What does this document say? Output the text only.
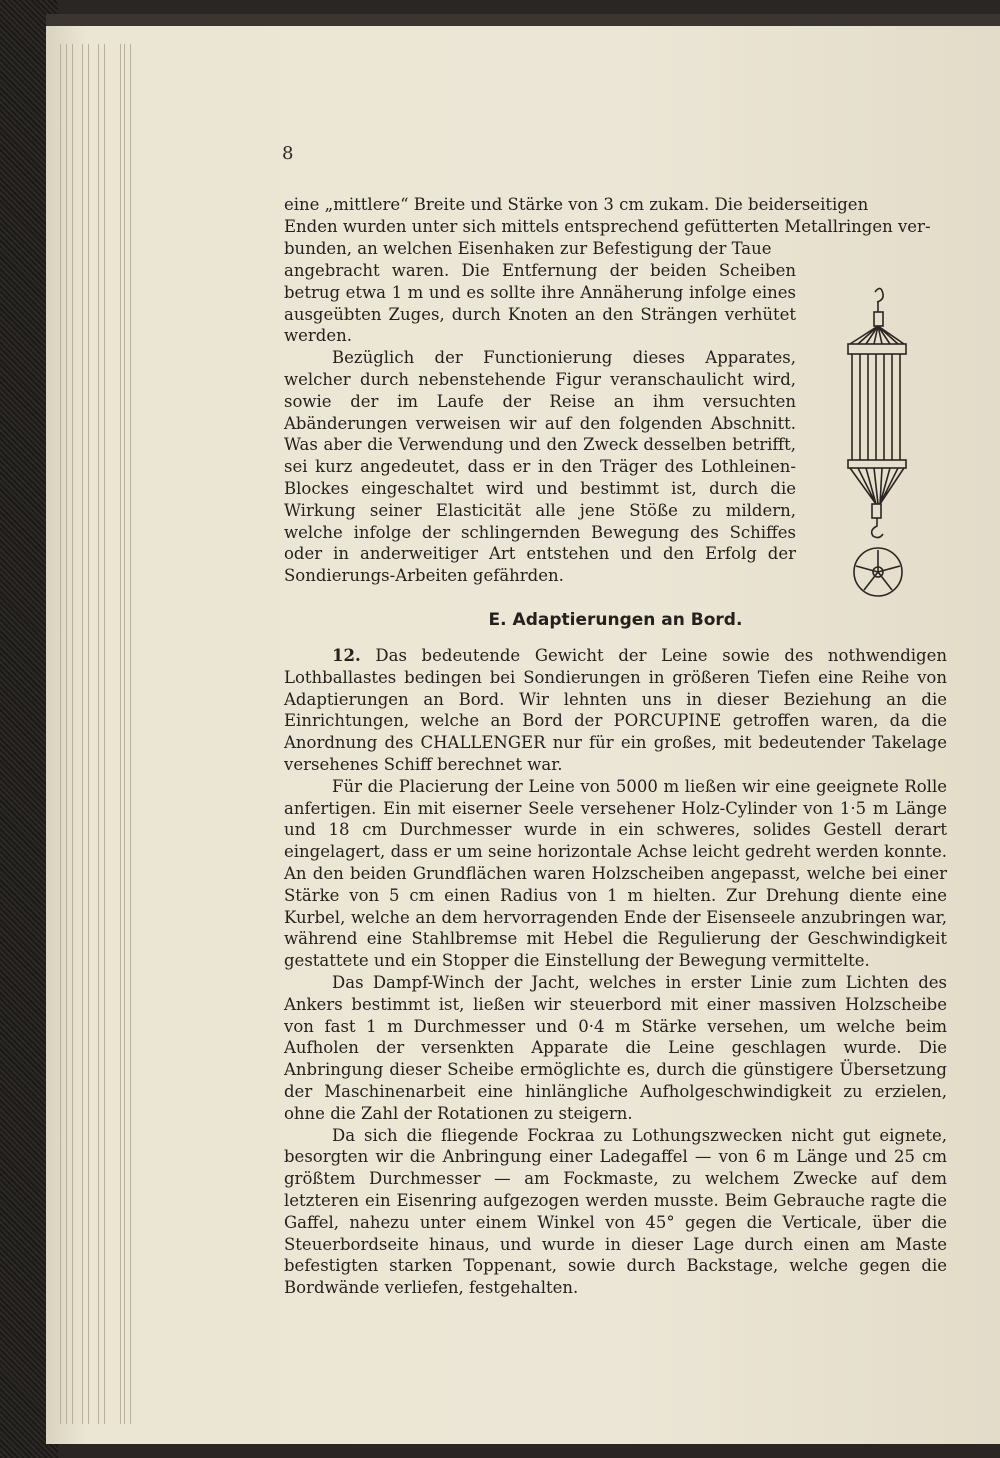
8

eine „mittlere“ Breite und Stärke von 3 cm zukam. Die beiderseitigen

Enden wurden unter sich mittels entsprechend gefütterten Metallringen ver-

bunden, an welchen Eisenhaken zur Befestigung der Taue

angebracht waren. Die Entfernung der beiden Scheiben betrug etwa 1 m und es sollte ihre Annäherung infolge eines ausgeübten Zuges, durch Knoten an den Strängen verhütet werden.

Bezüglich der Functionierung dieses Apparates, welcher durch nebenstehende Figur veranschaulicht wird, sowie der im Laufe der Reise an ihm versuchten Abänderungen verweisen wir auf den folgenden Abschnitt. Was aber die Verwendung und den Zweck desselben betrifft, sei kurz angedeutet, dass er in den Träger des Lothleinen-Blockes eingeschaltet wird und bestimmt ist, durch die Wirkung seiner Elasticität alle jene Stöße zu mildern, welche infolge der schlingernden Bewegung des Schiffes oder in anderweitiger Art entstehen und den Erfolg der Sondierungs-Arbeiten gefährden.

E. Adaptierungen an Bord.

12. Das bedeutende Gewicht der Leine sowie des nothwendigen Lothballastes bedingen bei Sondierungen in größeren Tiefen eine Reihe von Adaptierungen an Bord. Wir lehnten uns in dieser Beziehung an die Einrichtungen, welche an Bord der PORCUPINE getroffen waren, da die Anordnung des CHALLENGER nur für ein großes, mit bedeutender Takelage versehenes Schiff berechnet war.

Für die Placierung der Leine von 5000 m ließen wir eine geeignete Rolle anfertigen. Ein mit eiserner Seele versehener Holz-Cylinder von 1·5 m Länge und 18 cm Durchmesser wurde in ein schweres, solides Gestell derart eingelagert, dass er um seine horizontale Achse leicht gedreht werden konnte. An den beiden Grundflächen waren Holzscheiben angepasst, welche bei einer Stärke von 5 cm einen Radius von 1 m hielten. Zur Drehung diente eine Kurbel, welche an dem hervorragenden Ende der Eisenseele anzubringen war, während eine Stahlbremse mit Hebel die Regulierung der Geschwindigkeit gestattete und ein Stopper die Einstellung der Bewegung vermittelte.

Das Dampf-Winch der Jacht, welches in erster Linie zum Lichten des Ankers bestimmt ist, ließen wir steuerbord mit einer massiven Holzscheibe von fast 1 m Durchmesser und 0·4 m Stärke versehen, um welche beim Aufholen der versenkten Apparate die Leine geschlagen wurde. Die Anbringung dieser Scheibe ermöglichte es, durch die günstigere Übersetzung der Maschinenarbeit eine hinlängliche Aufholgeschwindigkeit zu erzielen, ohne die Zahl der Rotationen zu steigern.

Da sich die fliegende Fockraa zu Lothungszwecken nicht gut eignete, besorgten wir die Anbringung einer Ladegaffel — von 6 m Länge und 25 cm größtem Durchmesser — am Fockmaste, zu welchem Zwecke auf dem letzteren ein Eisenring aufgezogen werden musste. Beim Gebrauche ragte die Gaffel, nahezu unter einem Winkel von 45° gegen die Verticale, über die Steuerbordseite hinaus, und wurde in dieser Lage durch einen am Maste befestigten starken Toppenant, sowie durch Backstage, welche gegen die Bordwände verliefen, festgehalten.
